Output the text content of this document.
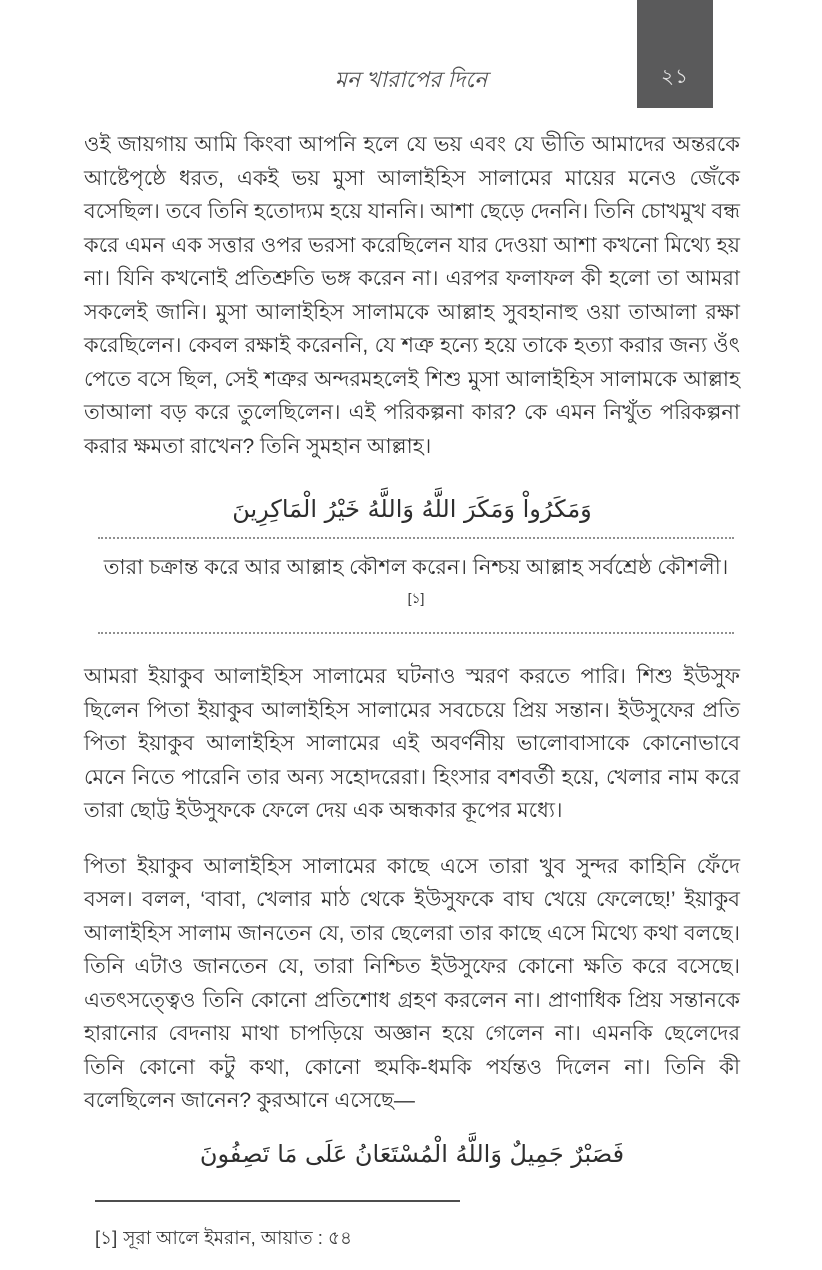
২১
মন খারাপের দিনে

ওই জায়গায় আমি কিংবা আপনি হলে যে ভয় এবং যে ভীতি আমাদের অন্তরকে আষ্টেপৃষ্ঠে ধরত, একই ভয় মুসা আলাইহিস সালামের মায়ের মনেও জেঁকে বসেছিল। তবে তিনি হতোদ্যম হয়ে যাননি। আশা ছেড়ে দেননি। তিনি চোখমুখ বন্ধ করে এমন এক সত্তার ওপর ভরসা করেছিলেন যার দেওয়া আশা কখনো মিথ্যে হয় না। যিনি কখনোই প্রতিশ্রুতি ভঙ্গ করেন না। এরপর ফলাফল কী হলো তা আমরা সকলেই জানি। মুসা আলাইহিস সালামকে আল্লাহ সুবহানাহু ওয়া তাআলা রক্ষা করেছিলেন। কেবল রক্ষাই করেননি, যে শত্রু হন্যে হয়ে তাকে হত্যা করার জন্য ওঁৎ পেতে বসে ছিল, সেই শত্রুর অন্দরমহলেই শিশু মুসা আলাইহিস সালামকে আল্লাহ তাআলা বড় করে তুলেছিলেন। এই পরিকল্পনা কার? কে এমন নিখুঁত পরিকল্পনা করার ক্ষমতা রাখেন? তিনি সুমহান আল্লাহ।

وَمَكَرُواْ وَمَكَرَ اللَّهُ وَاللَّهُ خَيْرُ الْمَاكِرِينَ
তারা চক্রান্ত করে আর আল্লাহ কৌশল করেন। নিশ্চয় আল্লাহ সর্বশ্রেষ্ঠ কৌশলী।[১]

আমরা ইয়াকুব আলাইহিস সালামের ঘটনাও স্মরণ করতে পারি। শিশু ইউসুফ ছিলেন পিতা ইয়াকুব আলাইহিস সালামের সবচেয়ে প্রিয় সন্তান। ইউসুফের প্রতি পিতা ইয়াকুব আলাইহিস সালামের এই অবর্ণনীয় ভালোবাসাকে কোনোভাবে মেনে নিতে পারেনি তার অন্য সহোদরেরা। হিংসার বশবর্তী হয়ে, খেলার নাম করে তারা ছোট্ট ইউসুফকে ফেলে দেয় এক অন্ধকার কূপের মধ্যে।

পিতা ইয়াকুব আলাইহিস সালামের কাছে এসে তারা খুব সুন্দর কাহিনি ফেঁদে বসল। বলল, ‘বাবা, খেলার মাঠ থেকে ইউসুফকে বাঘ খেয়ে ফেলেছে!’ ইয়াকুব আলাইহিস সালাম জানতেন যে, তার ছেলেরা তার কাছে এসে মিথ্যে কথা বলছে। তিনি এটাও জানতেন যে, তারা নিশ্চিত ইউসুফের কোনো ক্ষতি করে বসেছে। এতৎসত্ত্বেও তিনি কোনো প্রতিশোধ গ্রহণ করলেন না। প্রাণাধিক প্রিয় সন্তানকে হারানোর বেদনায় মাথা চাপড়িয়ে অজ্ঞান হয়ে গেলেন না। এমনকি ছেলেদের তিনি কোনো কটু কথা, কোনো হুমকি-ধমকি পর্যন্তও দিলেন না। তিনি কী বলেছিলেন জানেন? কুরআনে এসেছে—

فَصَبْرٌ جَمِيلٌ وَاللَّهُ الْمُسْتَعَانُ عَلَى مَا تَصِفُونَ
[১] সূরা আলে ইমরান, আয়াত : ৫৪
